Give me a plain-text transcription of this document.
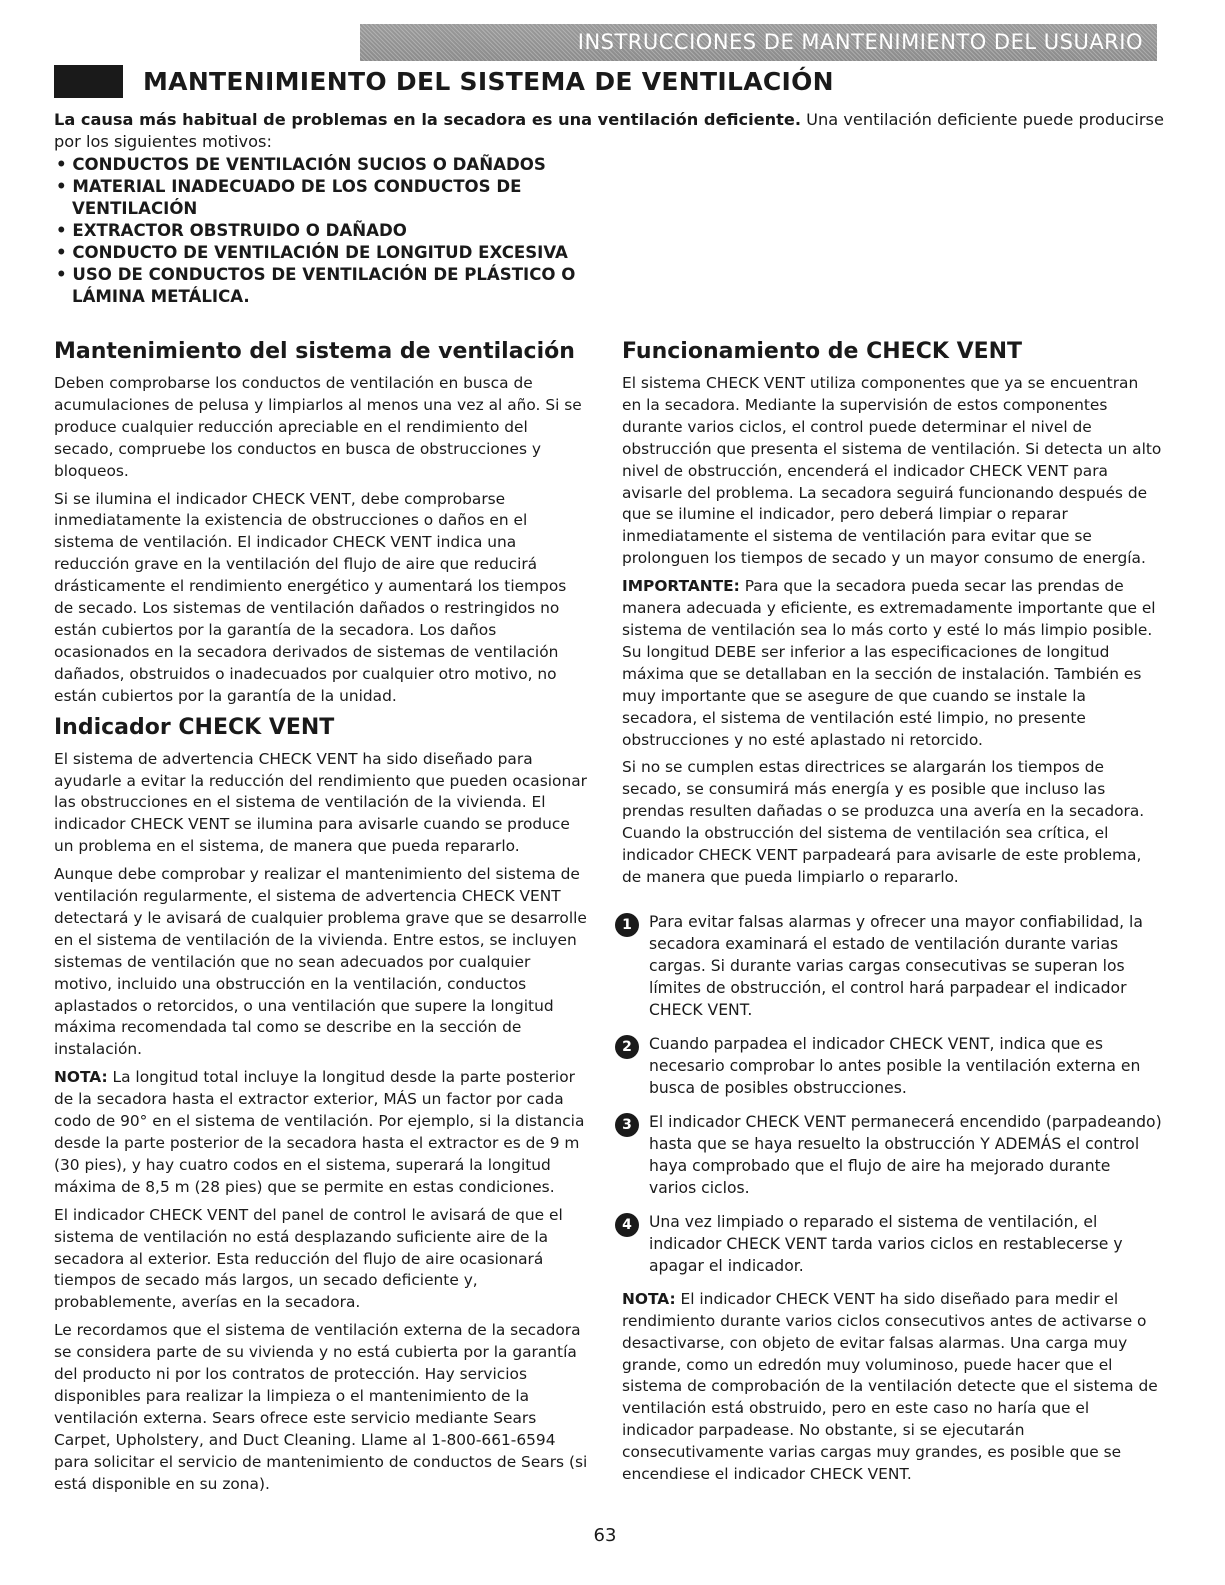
INSTRUCCIONES DE MANTENIMIENTO DEL USUARIO
MANTENIMIENTO DEL SISTEMA DE VENTILACIÓN
La causa más habitual de problemas en la secadora es una ventilación deficiente. Una ventilación deficiente puede producirse por los siguientes motivos:
• CONDUCTOS DE VENTILACIÓN SUCIOS O DAÑADOS
• MATERIAL INADECUADO DE LOS CONDUCTOS DE VENTILACIÓN
• EXTRACTOR OBSTRUIDO O DAÑADO
• CONDUCTO DE VENTILACIÓN DE LONGITUD EXCESIVA
• USO DE CONDUCTOS DE VENTILACIÓN DE PLÁSTICO O LÁMINA METÁLICA.
Mantenimiento del sistema de ventilación

Deben comprobarse los conductos de ventilación en busca de acumulaciones de pelusa y limpiarlos al menos una vez al año. Si se produce cualquier reducción apreciable en el rendimiento del secado, compruebe los conductos en busca de obstrucciones y bloqueos.

Si se ilumina el indicador CHECK VENT, debe comprobarse inmediatamente la existencia de obstrucciones o daños en el sistema de ventilación. El indicador CHECK VENT indica una reducción grave en la ventilación del flujo de aire que reducirá drásticamente el rendimiento energético y aumentará los tiempos de secado. Los sistemas de ventilación dañados o restringidos no están cubiertos por la garantía de la secadora. Los daños ocasionados en la secadora derivados de sistemas de ventilación dañados, obstruidos o inadecuados por cualquier otro motivo, no están cubiertos por la garantía de la unidad.

Indicador CHECK VENT

El sistema de advertencia CHECK VENT ha sido diseñado para ayudarle a evitar la reducción del rendimiento que pueden ocasionar las obstrucciones en el sistema de ventilación de la vivienda. El indicador CHECK VENT se ilumina para avisarle cuando se produce un problema en el sistema, de manera que pueda repararlo.

Aunque debe comprobar y realizar el mantenimiento del sistema de ventilación regularmente, el sistema de advertencia CHECK VENT detectará y le avisará de cualquier problema grave que se desarrolle en el sistema de ventilación de la vivienda. Entre estos, se incluyen sistemas de ventilación que no sean adecuados por cualquier motivo, incluido una obstrucción en la ventilación, conductos aplastados o retorcidos, o una ventilación que supere la longitud máxima recomendada tal como se describe en la sección de instalación.

NOTA: La longitud total incluye la longitud desde la parte posterior de la secadora hasta el extractor exterior, MÁS un factor por cada codo de 90° en el sistema de ventilación. Por ejemplo, si la distancia desde la parte posterior de la secadora hasta el extractor es de 9 m (30 pies), y hay cuatro codos en el sistema, superará la longitud máxima de 8,5 m (28 pies) que se permite en estas condiciones.

El indicador CHECK VENT del panel de control le avisará de que el sistema de ventilación no está desplazando suficiente aire de la secadora al exterior. Esta reducción del flujo de aire ocasionará tiempos de secado más largos, un secado deficiente y, probablemente, averías en la secadora.

Le recordamos que el sistema de ventilación externa de la secadora se considera parte de su vivienda y no está cubierta por la garantía del producto ni por los contratos de protección. Hay servicios disponibles para realizar la limpieza o el mantenimiento de la ventilación externa. Sears ofrece este servicio mediante Sears Carpet, Upholstery, and Duct Cleaning. Llame al 1-800-661-6594 para solicitar el servicio de mantenimiento de conductos de Sears (si está disponible en su zona).

Funcionamiento de CHECK VENT

El sistema CHECK VENT utiliza componentes que ya se encuentran en la secadora. Mediante la supervisión de estos componentes durante varios ciclos, el control puede determinar el nivel de obstrucción que presenta el sistema de ventilación. Si detecta un alto nivel de obstrucción, encenderá el indicador CHECK VENT para avisarle del problema. La secadora seguirá funcionando después de que se ilumine el indicador, pero deberá limpiar o reparar inmediatamente el sistema de ventilación para evitar que se prolonguen los tiempos de secado y un mayor consumo de energía.

IMPORTANTE: Para que la secadora pueda secar las prendas de manera adecuada y eficiente, es extremadamente importante que el sistema de ventilación sea lo más corto y esté lo más limpio posible. Su longitud DEBE ser inferior a las especificaciones de longitud máxima que se detallaban en la sección de instalación. También es muy importante que se asegure de que cuando se instale la secadora, el sistema de ventilación esté limpio, no presente obstrucciones y no esté aplastado ni retorcido.

Si no se cumplen estas directrices se alargarán los tiempos de secado, se consumirá más energía y es posible que incluso las prendas resulten dañadas o se produzca una avería en la secadora. Cuando la obstrucción del sistema de ventilación sea crítica, el indicador CHECK VENT parpadeará para avisarle de este problema, de manera que pueda limpiarlo o repararlo.

1	Para evitar falsas alarmas y ofrecer una mayor confiabilidad, la secadora examinará el estado de ventilación durante varias cargas. Si durante varias cargas consecutivas se superan los límites de obstrucción, el control hará parpadear el indicador CHECK VENT.
2	Cuando parpadea el indicador CHECK VENT, indica que es necesario comprobar lo antes posible la ventilación externa en busca de posibles obstrucciones.
3	El indicador CHECK VENT permanecerá encendido (parpadeando) hasta que se haya resuelto la obstrucción Y ADEMÁS el control haya comprobado que el flujo de aire ha mejorado durante varios ciclos.
4	Una vez limpiado o reparado el sistema de ventilación, el indicador CHECK VENT tarda varios ciclos en restablecerse y apagar el indicador.

NOTA: El indicador CHECK VENT ha sido diseñado para medir el rendimiento durante varios ciclos consecutivos antes de activarse o desactivarse, con objeto de evitar falsas alarmas. Una carga muy grande, como un edredón muy voluminoso, puede hacer que el sistema de comprobación de la ventilación detecte que el sistema de ventilación está obstruido, pero en este caso no haría que el indicador parpadease. No obstante, si se ejecutarán consecutivamente varias cargas muy grandes, es posible que se encendiese el indicador CHECK VENT.

63
